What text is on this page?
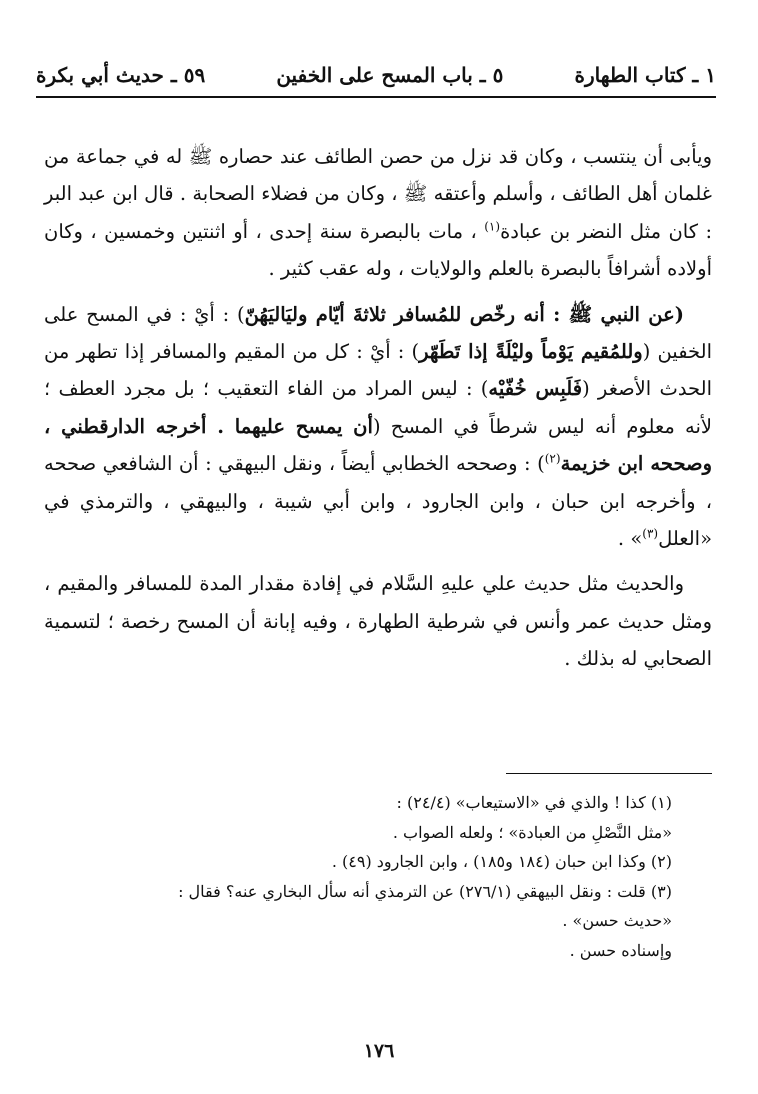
١ ـ كتاب الطهارة
٥ ـ باب المسح على الخفين
٥٩ ـ حديث أبي بكرة

ويأبى أن ينتسب ، وكان قد نزل من حصن الطائف عند حصاره ﷺ له في جماعة من غلمان أهل الطائف ، وأسلم وأعتقه ﷺ ، وكان من فضلاء الصحابة . قال ابن عبد البر : كان مثل النضر بن عبادة$^{(١)}$ ، مات بالبصرة سنة إحدى ، أو اثنتين وخمسين ، وكان أولاده أشرافاً بالبصرة بالعلم والولايات ، وله عقب كثير .

(عن النبي ﷺ : أنه رخّص للمُسافر ثلاثةَ أيّام وليَاليَهُنّ) : أيْ : في المسح على الخفين (وللمُقيم يَوْماً وليْلَةً إذا تَطَهّر) : أيْ : كل من المقيم والمسافر إذا تطهر من الحدث الأصغر (فَلَبِس خُفّيْه) : ليس المراد من الفاء التعقيب ؛ بل مجرد العطف ؛ لأنه معلوم أنه ليس شرطاً في المسح (أن يمسح عليهما . أخرجه الدارقطني ، وصححه ابن خزيمة$^{(٢)}$) : وصححه الخطابي أيضاً ، ونقل البيهقي : أن الشافعي صححه ، وأخرجه ابن حبان ، وابن الجارود ، وابن أبي شيبة ، والبيهقي ، والترمذي في «العلل$^{(٣)}$» .

والحديث مثل حديث علي عليهِ السَّلام في إفادة مقدار المدة للمسافر والمقيم ، ومثل حديث عمر وأنس في شرطية الطهارة ، وفيه إبانة أن المسح رخصة ؛ لتسمية الصحابي له بذلك .

(١) كذا ! والذي في «الاستيعاب» (٢٤/٤) :

«مثل النَّصْلِ من العبادة» ؛ ولعله الصواب .

(٢) وكذا ابن حبان (١٨٤ و١٨٥) ، وابن الجارود (٤٩) .

(٣) قلت : ونقل البيهقي (٢٧٦/١) عن الترمذي أنه سأل البخاري عنه؟ فقال :

«حديث حسن» .

وإسناده حسن .

١٧٦
